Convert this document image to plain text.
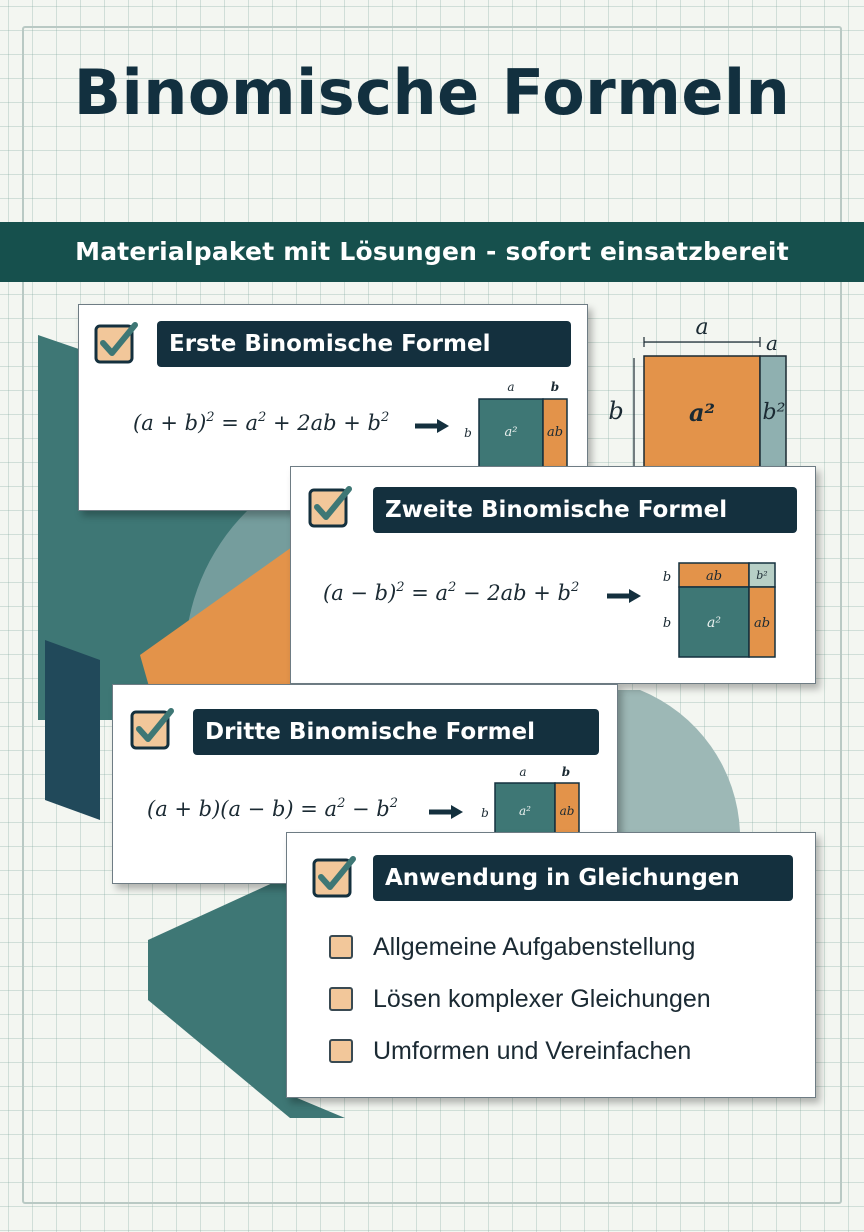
Binomische Formeln
Materialpaket mit Lösungen - sofort einsatzbereit
a
a
b	a² b²
Erste Binomische Formel
$(a + b)^2 = a^2 + 2ab + b^2$
a	b
b	a² ab
Zweite Binomische Formel
$(a - b)^2 = a^2 - 2ab + b^2$
b
b
ab	b²
a²	ab
Dritte Binomische Formel
$(a + b)(a - b) = a^2 - b^2$
a	b
b	a² ab
Anwendung in Gleichungen
Allgemeine Aufgabenstellung
Lösen komplexer Gleichungen
Umformen und Vereinfachen
